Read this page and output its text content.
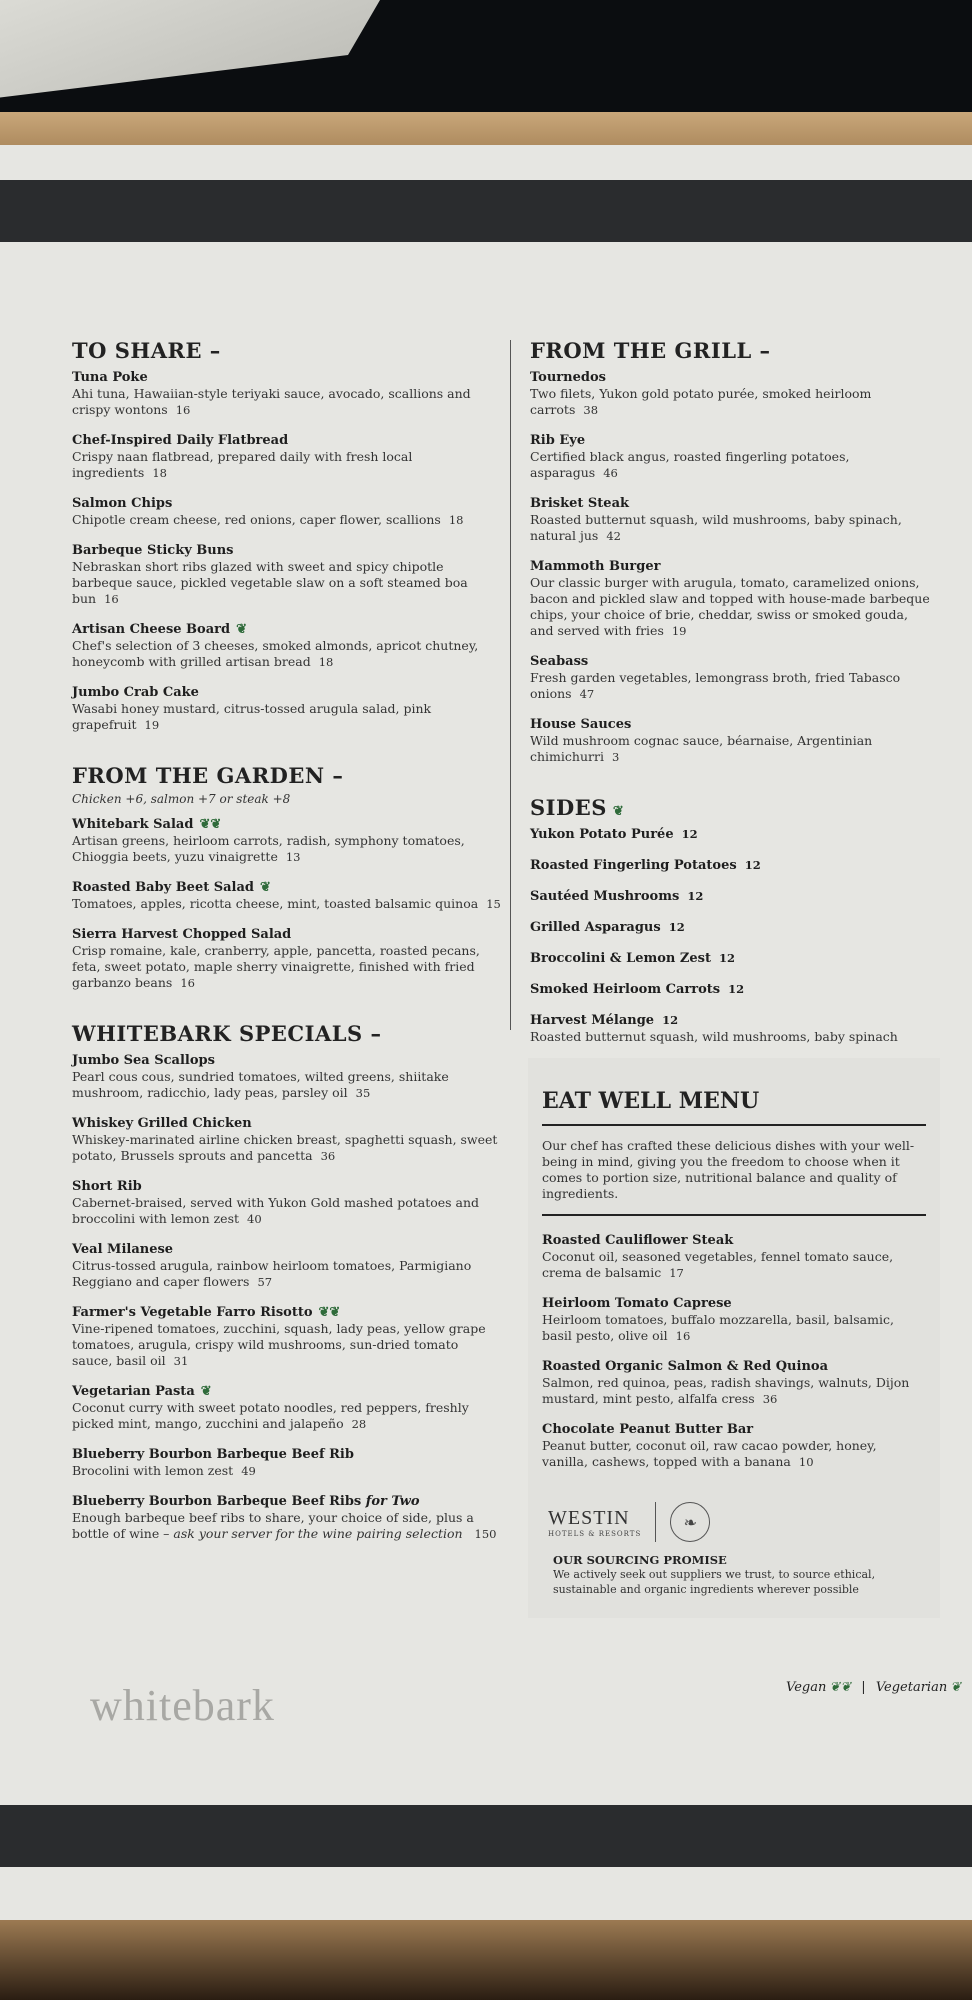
TO SHARE –
Tuna Poke
Ahi tuna, Hawaiian-style teriyaki sauce, avocado, scallions and crispy wontons 16
Chef-Inspired Daily Flatbread
Crispy naan flatbread, prepared daily with fresh local ingredients 18
Salmon Chips
Chipotle cream cheese, red onions, caper flower, scallions 18
Barbeque Sticky Buns
Nebraskan short ribs glazed with sweet and spicy chipotle barbeque sauce, pickled vegetable slaw on a soft steamed boa bun 16
Artisan Cheese Board ❦
Chef's selection of 3 cheeses, smoked almonds, apricot chutney, honeycomb with grilled artisan bread 18
Jumbo Crab Cake
Wasabi honey mustard, citrus-tossed arugula salad, pink grapefruit 19
FROM THE GARDEN –
Chicken +6, salmon +7 or steak +8
Whitebark Salad ❦❦
Artisan greens, heirloom carrots, radish, symphony tomatoes, Chioggia beets, yuzu vinaigrette 13
Roasted Baby Beet Salad ❦
Tomatoes, apples, ricotta cheese, mint, toasted balsamic quinoa 15
Sierra Harvest Chopped Salad
Crisp romaine, kale, cranberry, apple, pancetta, roasted pecans, feta, sweet potato, maple sherry vinaigrette, finished with fried garbanzo beans 16
WHITEBARK SPECIALS –
Jumbo Sea Scallops
Pearl cous cous, sundried tomatoes, wilted greens, shiitake mushroom, radicchio, lady peas, parsley oil 35
Whiskey Grilled Chicken
Whiskey-marinated airline chicken breast, spaghetti squash, sweet potato, Brussels sprouts and pancetta 36
Short Rib
Cabernet-braised, served with Yukon Gold mashed potatoes and broccolini with lemon zest 40
Veal Milanese
Citrus-tossed arugula, rainbow heirloom tomatoes, Parmigiano Reggiano and caper flowers 57
Farmer's Vegetable Farro Risotto ❦❦
Vine-ripened tomatoes, zucchini, squash, lady peas, yellow grape tomatoes, arugula, crispy wild mushrooms, sun-dried tomato sauce, basil oil 31
Vegetarian Pasta ❦
Coconut curry with sweet potato noodles, red peppers, freshly picked mint, mango, zucchini and jalapeño 28
Blueberry Bourbon Barbeque Beef Rib
Brocolini with lemon zest 49
Blueberry Bourbon Barbeque Beef Ribs for Two
Enough barbeque beef ribs to share, your choice of side, plus a bottle of wine – ask your server for the wine pairing selection 150
FROM THE GRILL –
Tournedos
Two filets, Yukon gold potato purée, smoked heirloom carrots 38
Rib Eye
Certified black angus, roasted fingerling potatoes, asparagus 46
Brisket Steak
Roasted butternut squash, wild mushrooms, baby spinach, natural jus 42
Mammoth Burger
Our classic burger with arugula, tomato, caramelized onions, bacon and pickled slaw and topped with house-made barbeque chips, your choice of brie, cheddar, swiss or smoked gouda, and served with fries 19
Seabass
Fresh garden vegetables, lemongrass broth, fried Tabasco onions 47
House Sauces
Wild mushroom cognac sauce, béarnaise, Argentinian chimichurri 3
SIDES ❦
Yukon Potato Purée 12
Roasted Fingerling Potatoes 12
Sautéed Mushrooms 12
Grilled Asparagus 12
Broccolini & Lemon Zest 12
Smoked Heirloom Carrots 12
Harvest Mélange 12
Roasted butternut squash, wild mushrooms, baby spinach
EAT WELL MENU
Our chef has crafted these delicious dishes with your well-being in mind, giving you the freedom to choose when it comes to portion size, nutritional balance and quality of ingredients.
Roasted Cauliflower Steak
Coconut oil, seasoned vegetables, fennel tomato sauce, crema de balsamic 17
Heirloom Tomato Caprese
Heirloom tomatoes, buffalo mozzarella, basil, balsamic, basil pesto, olive oil 16
Roasted Organic Salmon & Red Quinoa
Salmon, red quinoa, peas, radish shavings, walnuts, Dijon mustard, mint pesto, alfalfa cress 36
Chocolate Peanut Butter Bar
Peanut butter, coconut oil, raw cacao powder, honey, vanilla, cashews, topped with a banana 10
WESTIN
HOTELS & RESORTS
❧
OUR SOURCING PROMISE
We actively seek out suppliers we trust, to source ethical, sustainable and organic ingredients wherever possible
whitebark	Vegan ❦❦ | Vegetarian ❦
